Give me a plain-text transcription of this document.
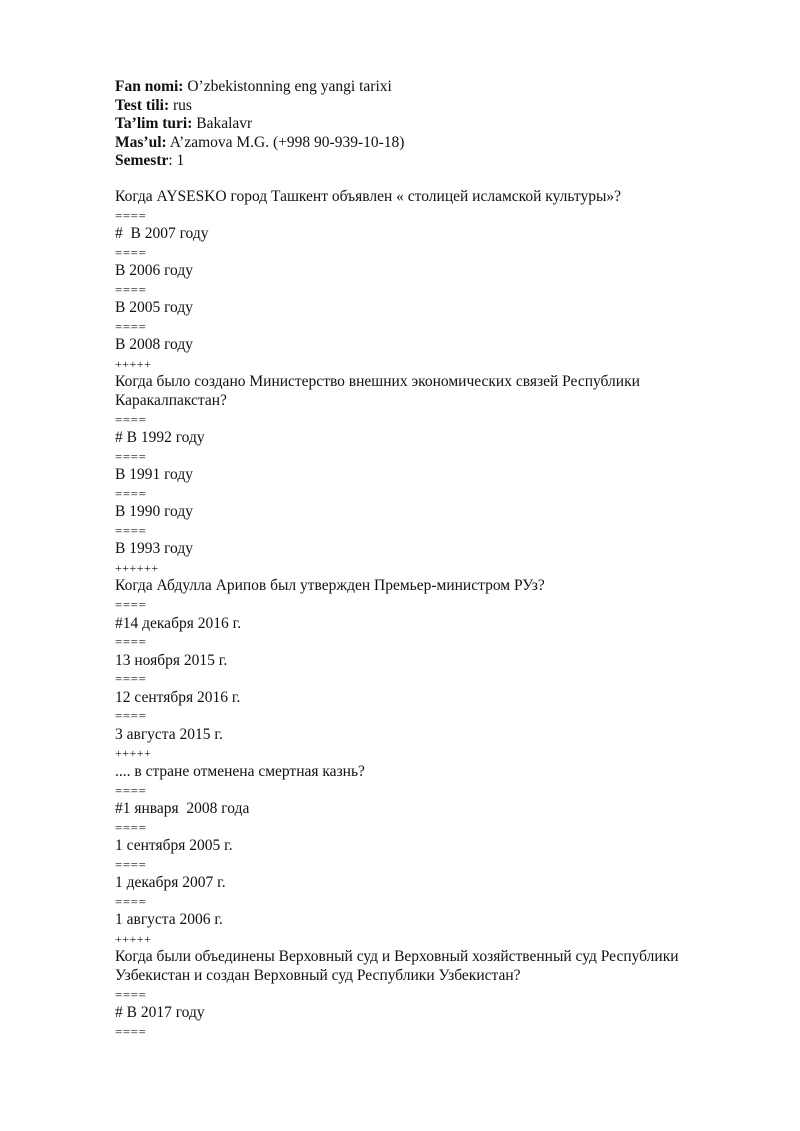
Fan nomi: O’zbekistonning eng yangi tarixi
Test tili: rus
Ta’lim turi: Bakalavr
Mas’ul: A’zamova M.G. (+998 90-939-10-18)
Semestr: 1
Когда AYSESKO город Ташкент объявлен « столицей исламской культуры»?
====
#  В 2007 году
====
В 2006 году
====
В 2005 году
====
В 2008 году
+++++
Когда было создано Министерство внешних экономических связей Республики Каракалпакстан?
====
# В 1992 году
====
В 1991 году
====
В 1990 году
====
В 1993 году
++++++
Когда Абдулла Арипов был утвержден Премьер-министром РУз?
====
#14 декабря 2016 г.
====
13 ноября 2015 г.
====
12 сентября 2016 г.
====
3 августа 2015 г.
+++++
.... в стране отменена смертная казнь?
====
#1 января  2008 года
====
1 сентября 2005 г.
====
1 декабря 2007 г.
====
1 августа 2006 г.
+++++
Когда были объединены Верховный суд и Верховный хозяйственный суд Республики Узбекистан и создан Верховный суд Республики Узбекистан?
====
# В 2017 году
====
